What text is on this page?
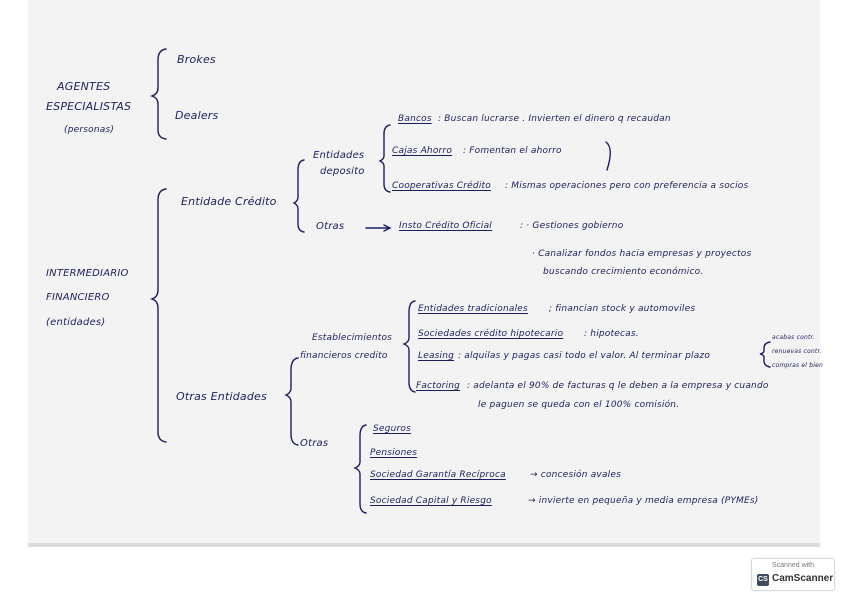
AGENTES
ESPECIALISTAS
(personas)
Brokes
Dealers
INTERMEDIARIO
FINANCIERO
(entidades)
Entidade Crédito
Entidades
deposito
Bancos : Buscan lucrarse . Invierten el dinero q recaudan
Cajas Ahorro : Fomentan el ahorro
Cooperativas Crédito : Mismas operaciones pero con preferencia a socios
Otras	Insto Crédito Oficial	: · Gestiones gobierno
· Canalizar fondos hacia empresas y proyectos
buscando crecimiento económico.
Otras Entidades
Establecimientos
financieros credito
Entidades tradicionales ; financian stock y automoviles
Sociedades crédito hipotecario : hipotecas.
Leasing : alquilas y pagas casi todo el valor. Al terminar plazo
acabas contr.
renuevas contr.
compras el bien
Factoring : adelanta el 90% de facturas q le deben a la empresa y cuando
le paguen se queda con el 100% comisión.
Otras
Seguros
Pensiones
Sociedad Garantía Recíproca	→ concesión avales
Sociedad Capital y Riesgo	→ invierte en pequeña y media empresa (PYMEs)
Scanned with
CS CamScanner
